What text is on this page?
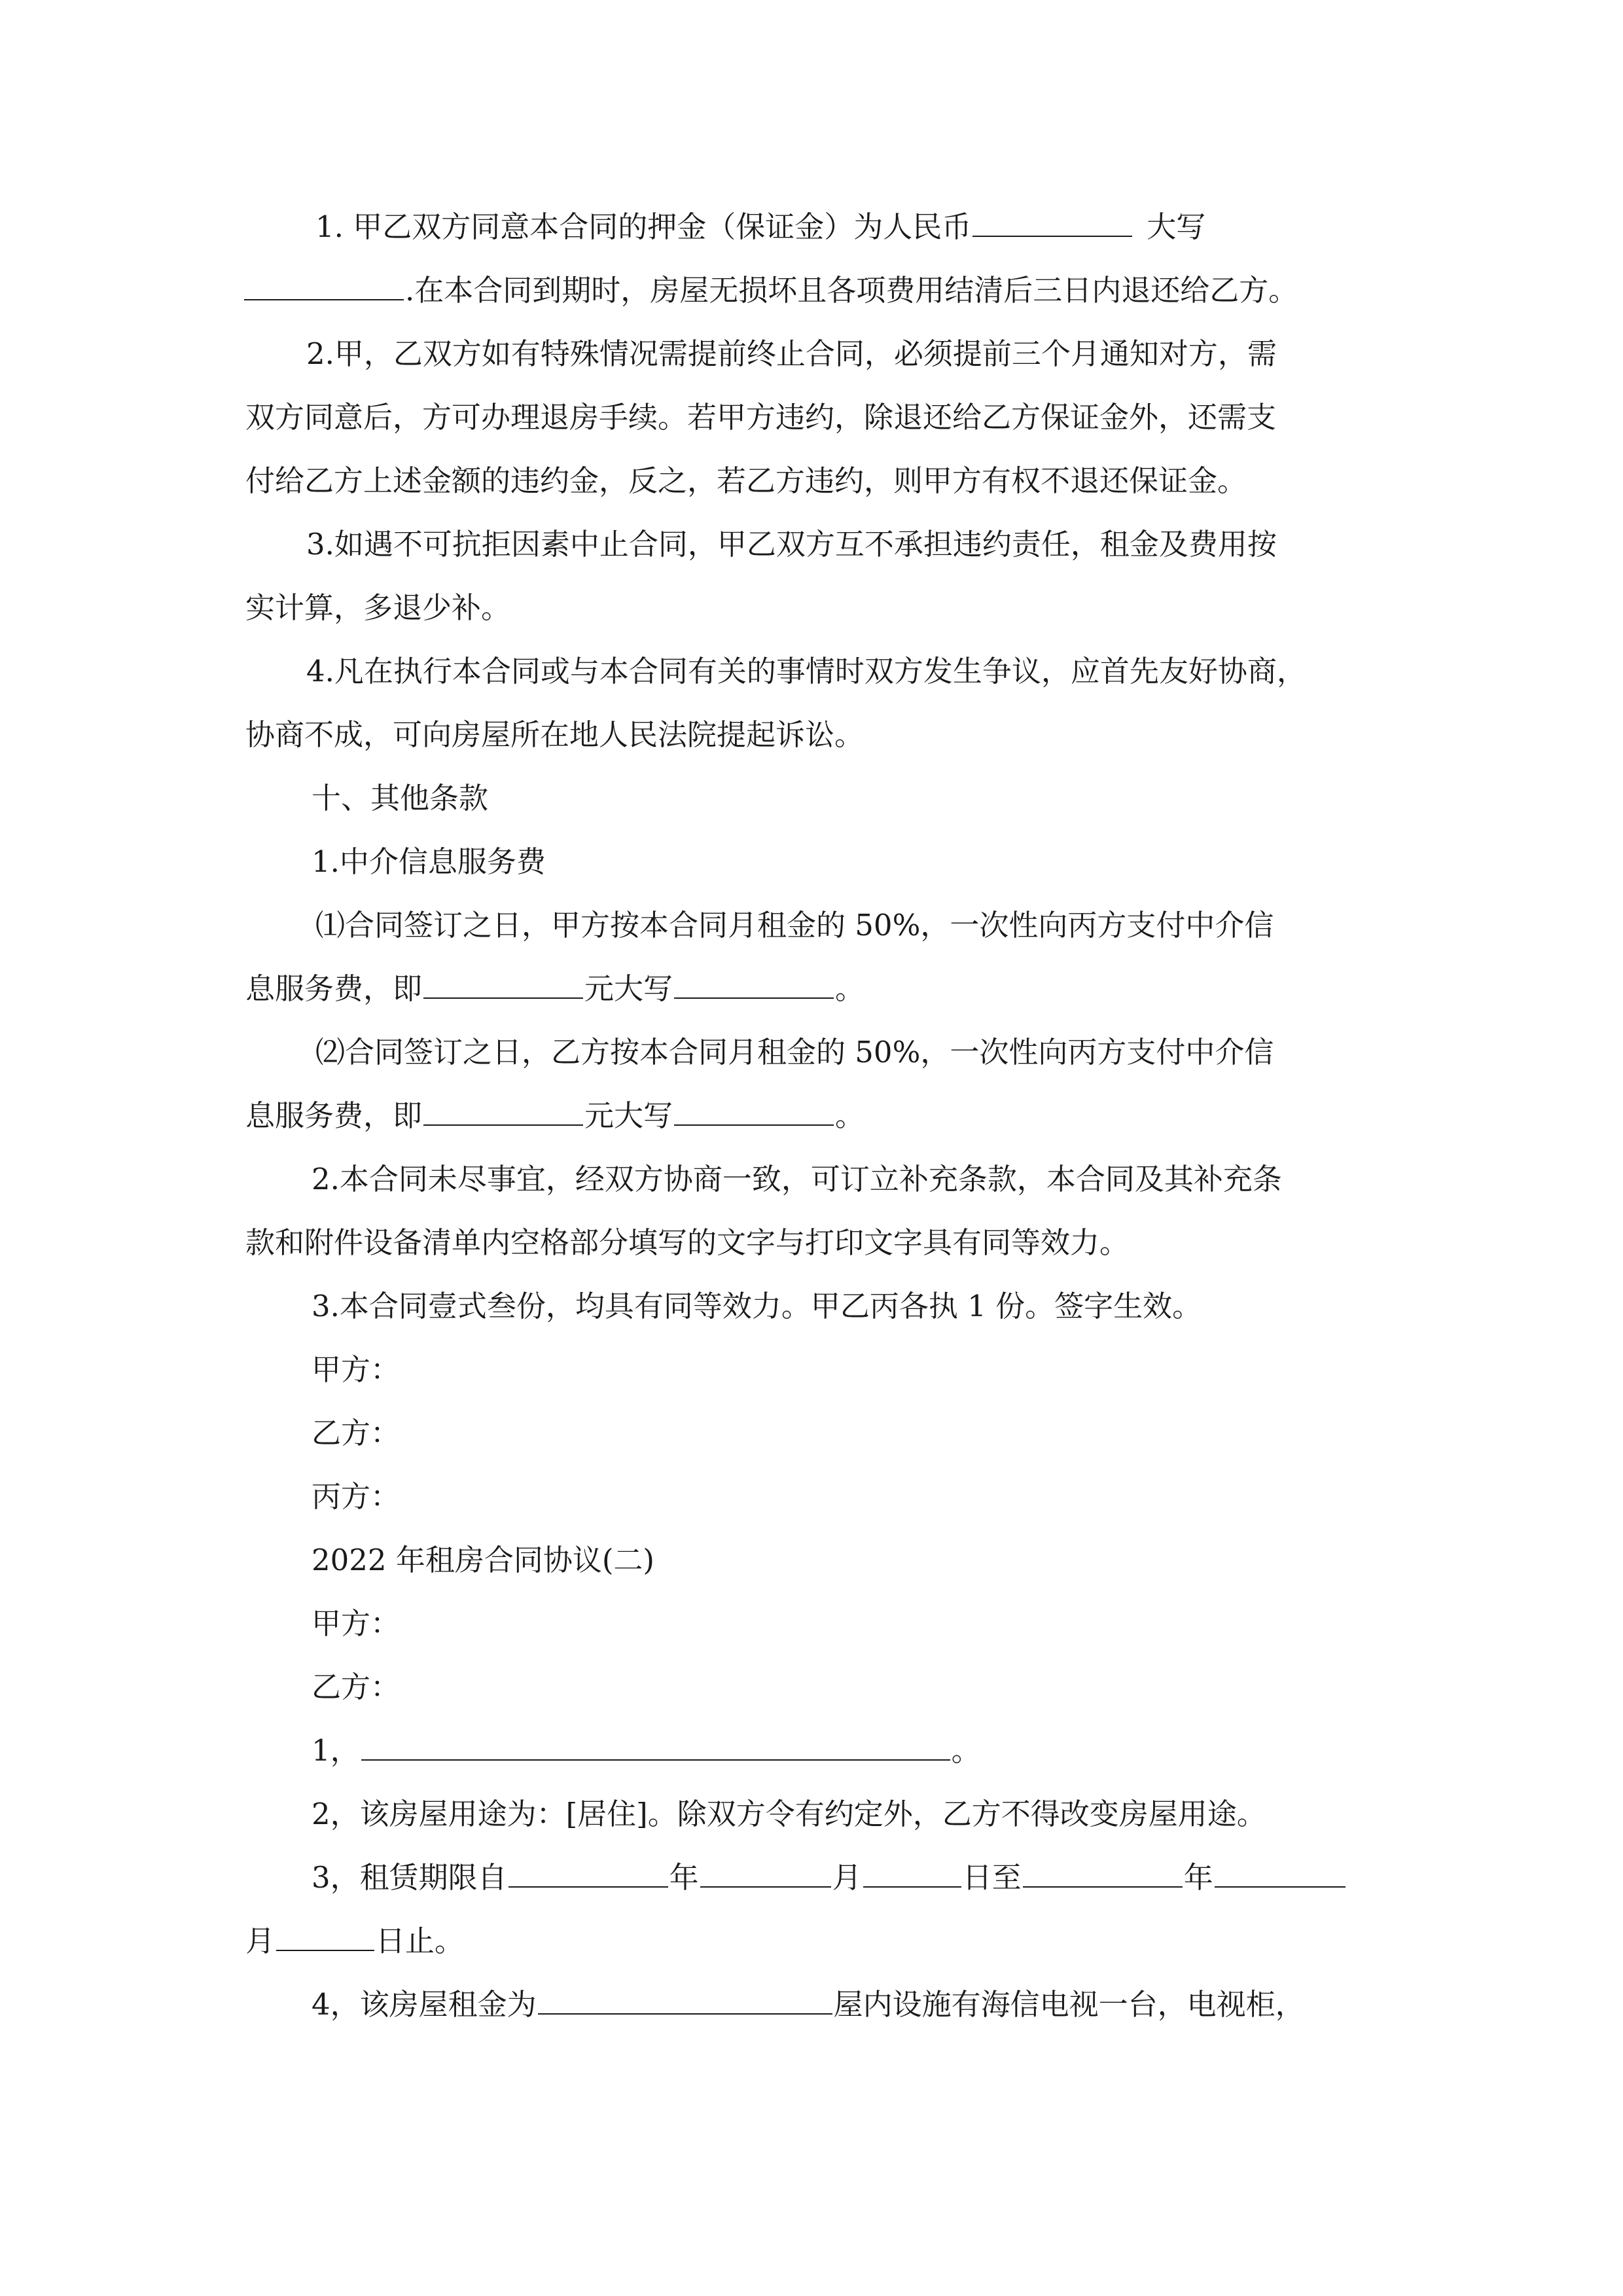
1. 甲乙双方同意本合同的押金（保证金）为人民币	大写
.在本合同到期时，房屋无损坏且各项费用结清后三日内退还给乙方。
2.甲，乙双方如有特殊情况需提前终止合同，必须提前三个月通知对方，需
双方同意后，方可办理退房手续。若甲方违约，除退还给乙方保证金外，还需支
付给乙方上述金额的违约金，反之，若乙方违约，则甲方有权不退还保证金。
3.如遇不可抗拒因素中止合同，甲乙双方互不承担违约责任，租金及费用按
实计算，多退少补。
4.凡在执行本合同或与本合同有关的事情时双方发生争议，应首先友好协商，
协商不成，可向房屋所在地人民法院提起诉讼。
十、其他条款
1.中介信息服务费
⑴合同签订之日，甲方按本合同月租金的 50%，一次性向丙方支付中介信
息服务费，即	元大写	。
⑵合同签订之日，乙方按本合同月租金的 50%，一次性向丙方支付中介信
息服务费，即	元大写	。
2.本合同未尽事宜，经双方协商一致，可订立补充条款，本合同及其补充条
款和附件设备清单内空格部分填写的文字与打印文字具有同等效力。
3.本合同壹式叁份，均具有同等效力。甲乙丙各执 1 份。签字生效。
甲方：
乙方：
丙方：
2022 年租房合同协议(二)
甲方：
乙方：
1，	。
2，该房屋用途为：[居住]。除双方令有约定外，乙方不得改变房屋用途。
3，租赁期限自	年	月	日至	年
月	日止。
4，该房屋租金为	屋内设施有海信电视一台，电视柜，
